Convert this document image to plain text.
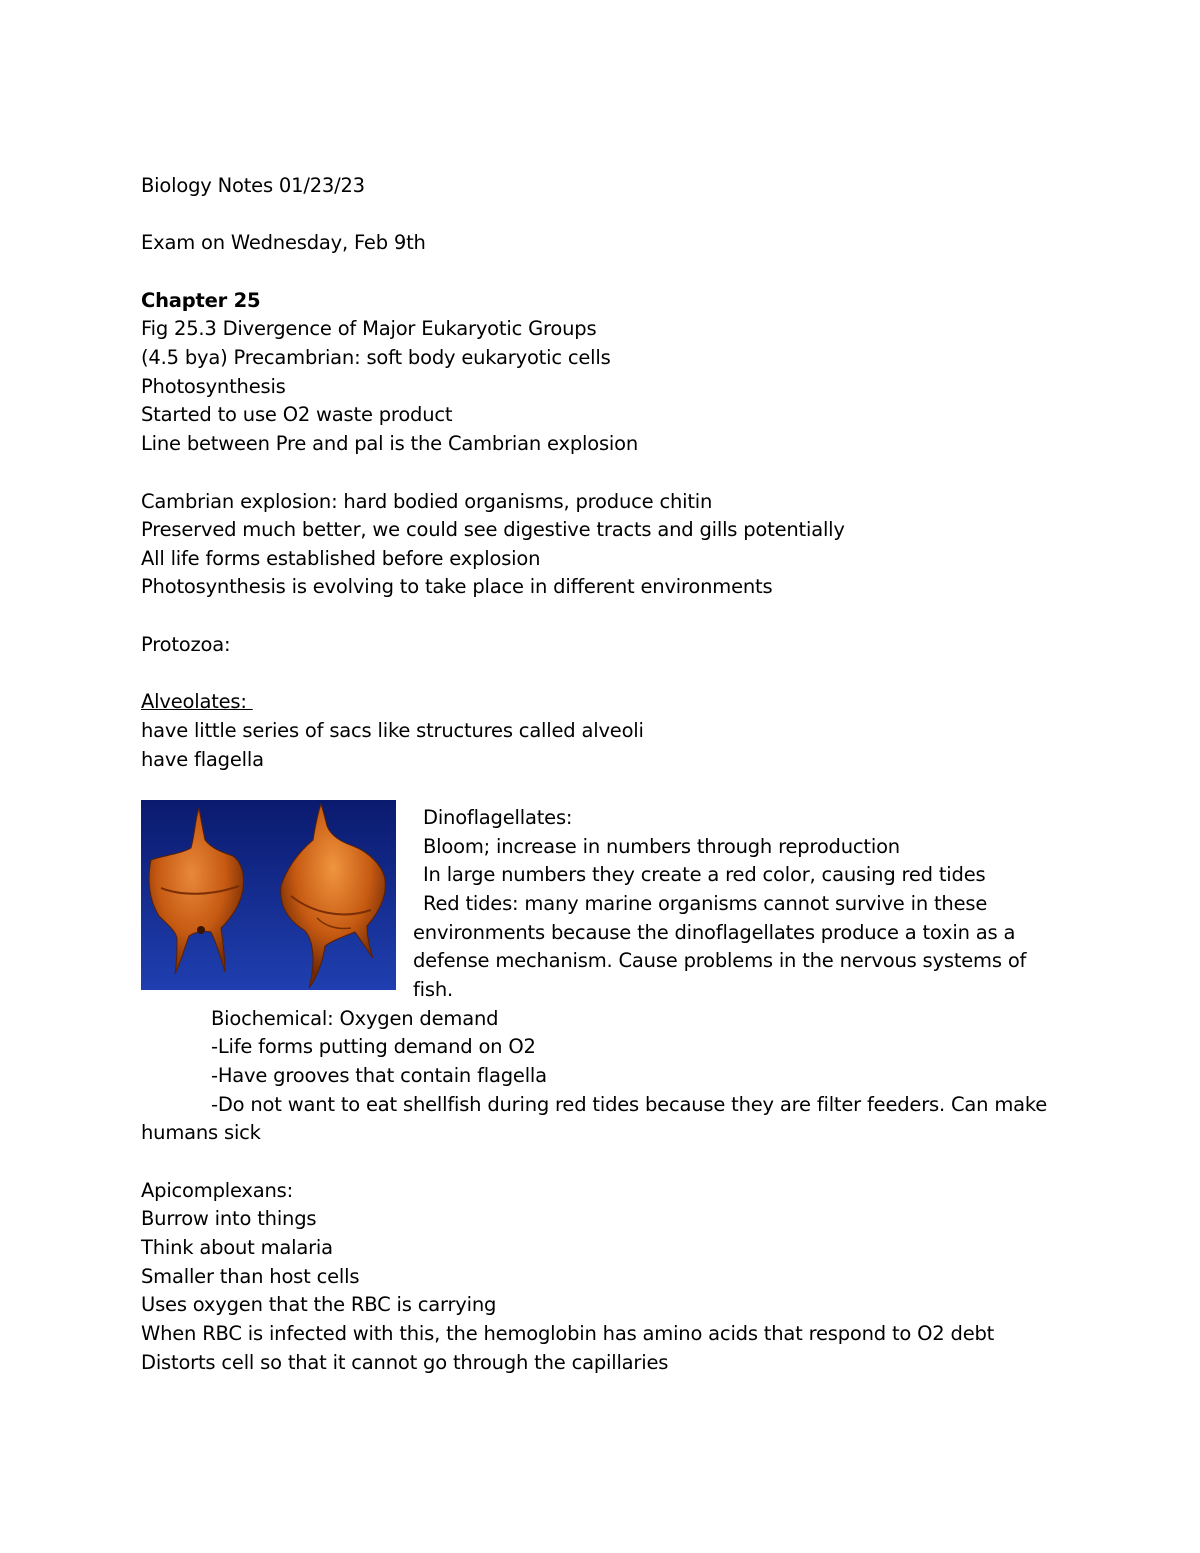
Biology Notes 01/23/23
Exam on Wednesday, Feb 9th
Chapter 25
Fig 25.3 Divergence of Major Eukaryotic Groups
(4.5 bya) Precambrian: soft body eukaryotic cells
Photosynthesis
Started to use O2 waste product
Line between Pre and pal is the Cambrian explosion
Cambrian explosion: hard bodied organisms, produce chitin
Preserved much better, we could see digestive tracts and gills potentially
All life forms established before explosion
Photosynthesis is evolving to take place in different environments
Protozoa:
Alveolates:
have little series of sacs like structures called alveoli
have flagella
Dinoflagellates:
Bloom; increase in numbers through reproduction
In large numbers they create a red color, causing red tides
Red tides: many marine organisms cannot survive in these
environments because the dinoflagellates produce a toxin as a
defense mechanism. Cause problems in the nervous systems of
fish.
Biochemical: Oxygen demand
-Life forms putting demand on O2
-Have grooves that contain flagella
-Do not want to eat shellfish during red tides because they are filter feeders. Can make
humans sick
Apicomplexans:
Burrow into things
Think about malaria
Smaller than host cells
Uses oxygen that the RBC is carrying
When RBC is infected with this, the hemoglobin has amino acids that respond to O2 debt
Distorts cell so that it cannot go through the capillaries
